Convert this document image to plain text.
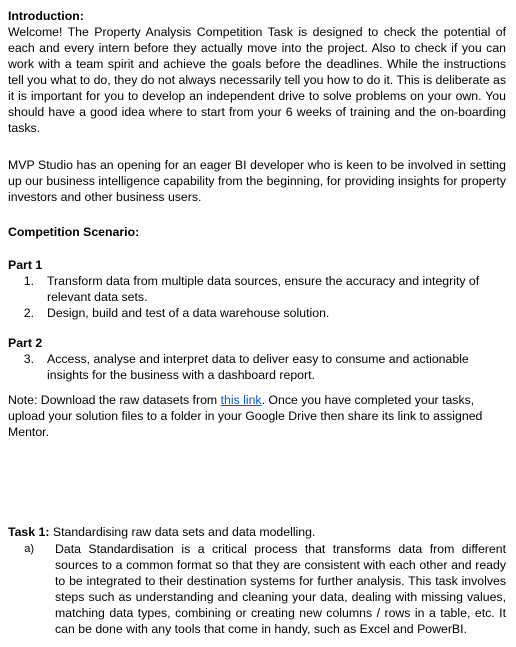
Introduction:

Welcome! The Property Analysis Competition Task is designed to check the potential of each and every intern before they actually move into the project. Also to check if you can work with a team spirit and achieve the goals before the deadlines. While the instructions tell you what to do, they do not always necessarily tell you how to do it. This is deliberate as it is important for you to develop an independent drive to solve problems on your own. You should have a good idea where to start from your 6 weeks of training and the on-boarding tasks.

MVP Studio has an opening for an eager BI developer who is keen to be involved in setting up our business intelligence capability from the beginning, for providing insights for property investors and other business users.

Competition Scenario:
Part 1
1. Transform data from multiple data sources, ensure the accuracy and integrity of relevant data sets.
2. Design, build and test of a data warehouse solution.
Part 2
3. Access, analyse and interpret data to deliver easy to consume and actionable insights for the business with a dashboard report.

Note: Download the raw datasets from this link. Once you have completed your tasks, upload your solution files to a folder in your Google Drive then share its link to assigned Mentor.

Task 1: Standardising raw data sets and data modelling.
a) Data Standardisation is a critical process that transforms data from different sources to a common format so that they are consistent with each other and ready to be integrated to their destination systems for further analysis. This task involves steps such as understanding and cleaning your data, dealing with missing values, matching data types, combining or creating new columns / rows in a table, etc. It can be done with any tools that come in handy, such as Excel and PowerBI.
